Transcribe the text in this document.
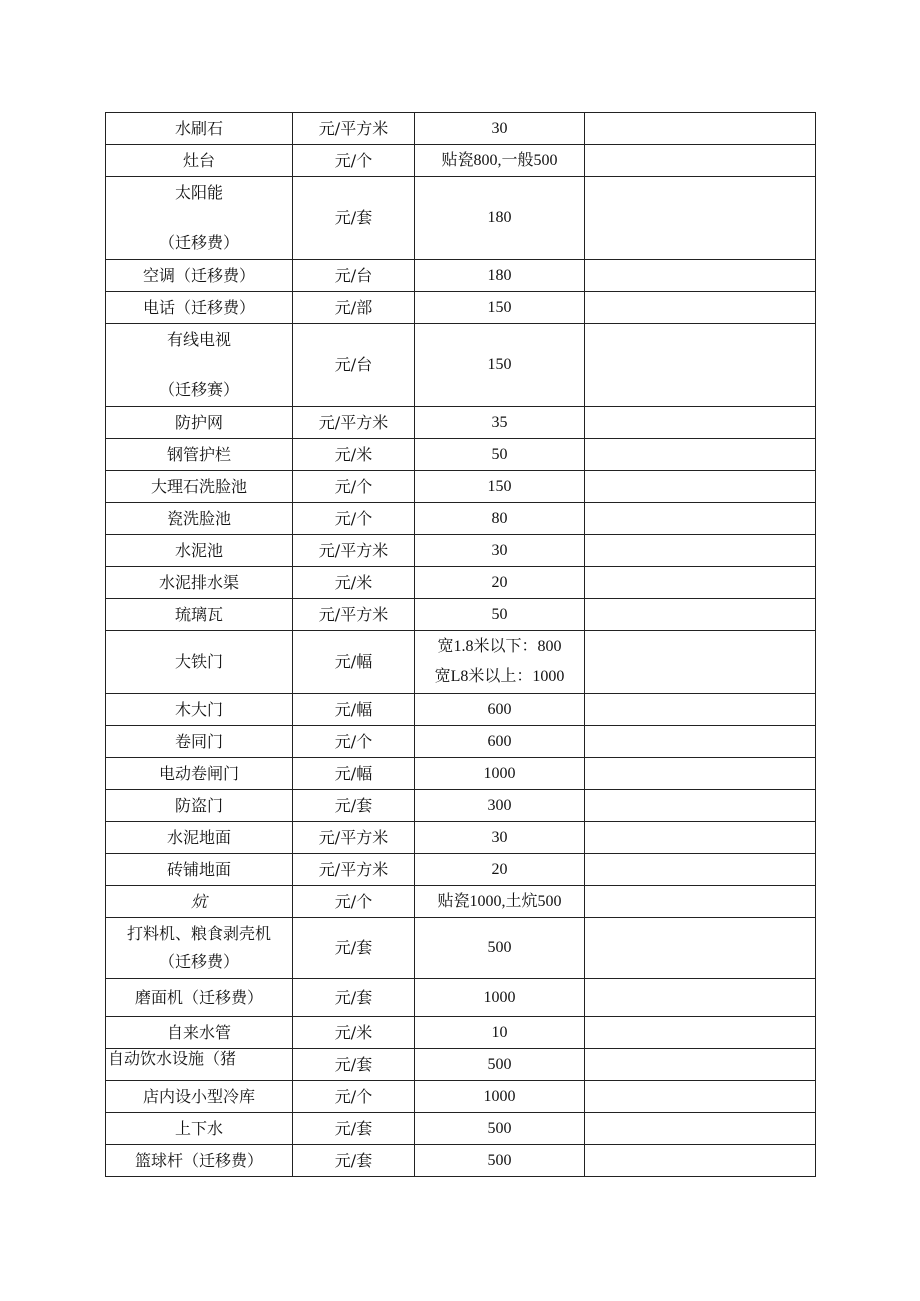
水刷石	元/平方米	30	
灶台	元/个	贴瓷800,一般500	

太阳能
（迁移费）	元/套	180	
空调（迁移费）	元/台	180	
电话（迁移费）	元/部	150	

有线电视
（迁移赛）	元/台	150	
防护网	元/平方米	35	
钢管护栏	元/米	50	
大理石洗脸池	元/个	150	
瓷洗脸池	元/个	80	
水泥池	元/平方米	30	
水泥排水渠	元/米	20	
琉璃瓦	元/平方米	50	
大铁门	元/幅	宽1.8米以下：800
宽L8米以上：1000	

木大门	元/幅	600	
卷同门	元/个	600	
电动卷闸门	元/幅	1000	
防盗门	元/套	300	
水泥地面	元/平方米	30	
砖铺地面	元/平方米	20	
炕	元/个	贴瓷1000,土炕500	

打料机、粮食剥壳机
（迁移费）	元/套	500	
磨面机（迁移费）	元/套	1000	
自来水管	元/米	10	

自动饮水设施（猪	元/套	500	
店内设小型冷库	元/个	1000	
上下水	元/套	500	
篮球杆（迁移费）	元/套	500	
